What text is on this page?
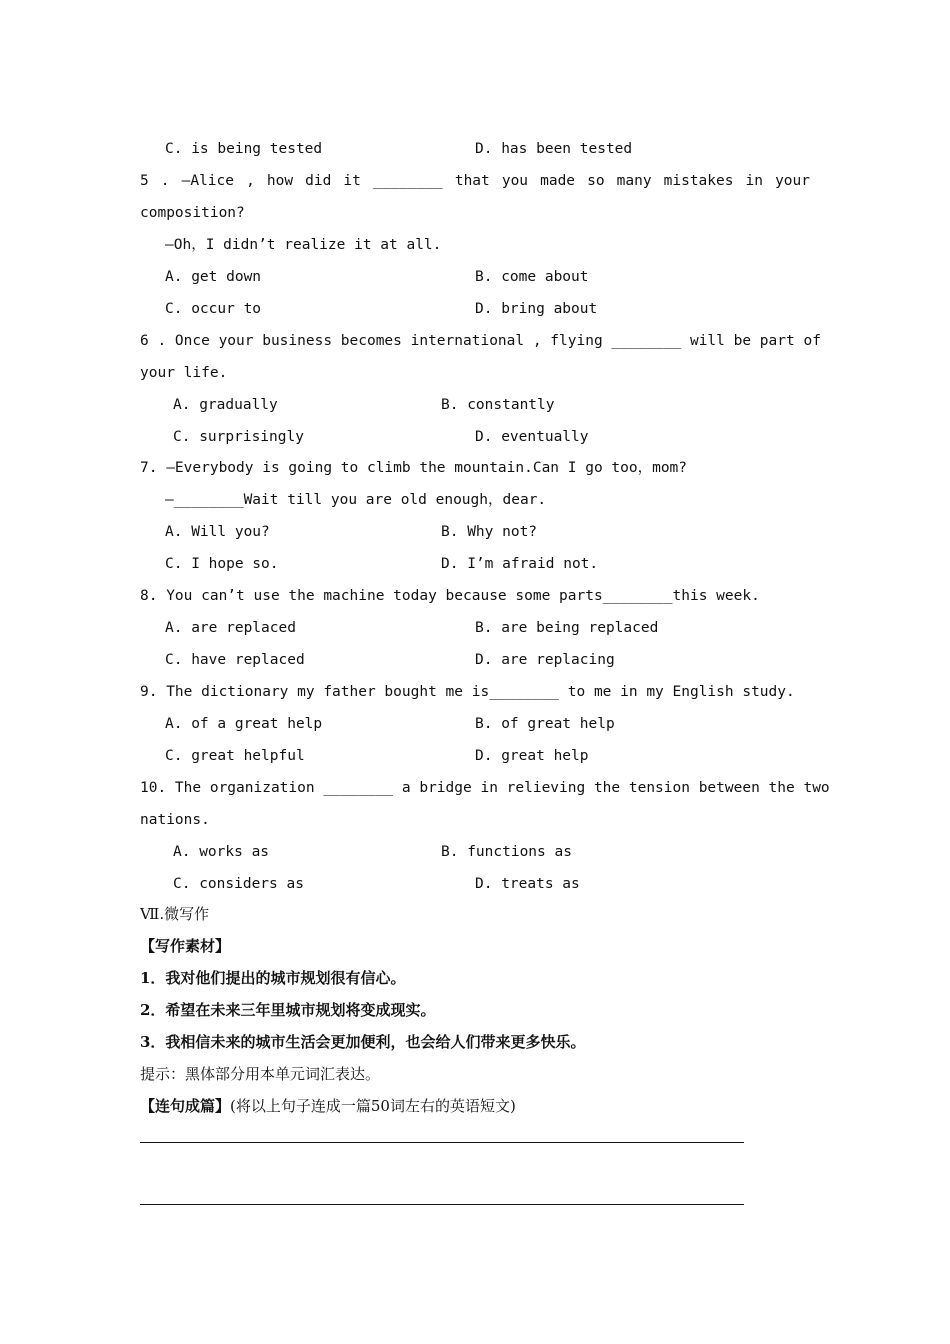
C. is being tested	D. has been tested
5 . —Alice , how did it ________ that you made so many mistakes in your
composition?
—Oh，I didn’t realize it at all.
A. get down	B. come about
C. occur to	D. bring about
6 . Once your business becomes international , flying ________ will be part of
your life.
A. gradually	B. constantly
C. surprisingly	D. eventually
7. —Everybody is going to climb the mountain.Can I go too，mom?
—________Wait till you are old enough，dear.
A. Will you?	B. Why not?
C. I hope so.	D. I’m afraid not.
8. You can’t use the machine today because some parts________this week.
A. are replaced	B. are being replaced
C. have replaced	D. are replacing
9. The dictionary my father bought me is________ to me in my English study.
A. of a great help	B. of great help
C. great helpful	D. great help
10. The organization ________ a bridge in relieving the tension between the two
nations.
A. works as	B. functions as
C. considers as	D. treats as
Ⅶ.微写作
【写作素材】
1．我对他们提出的城市规划很有信心。
2．希望在未来三年里城市规划将变成现实。
3．我相信未来的城市生活会更加便利，也会给人们带来更多快乐。
提示：黑体部分用本单元词汇表达。
【连句成篇】(将以上句子连成一篇50词左右的英语短文)
